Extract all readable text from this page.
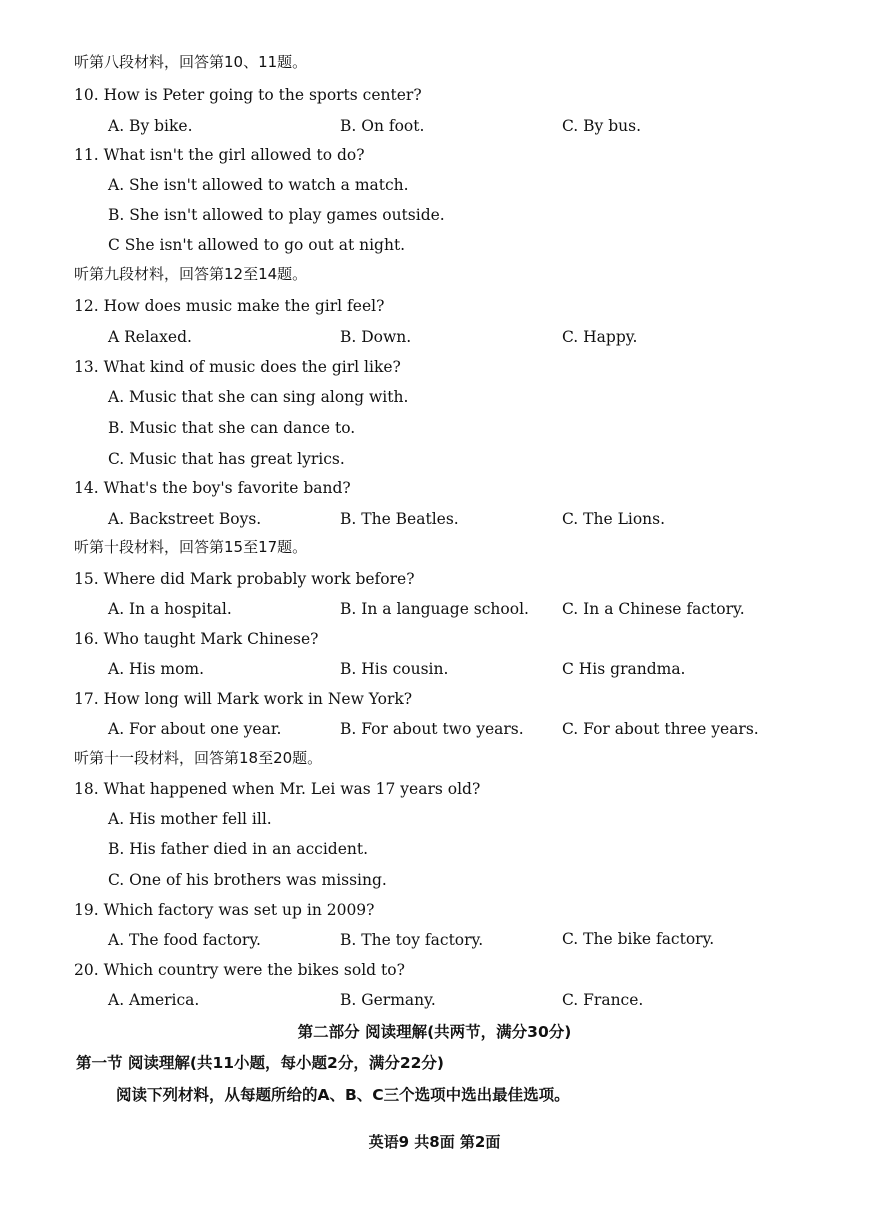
听第八段材料，回答第10、11题。
10. How is Peter going to the sports center?
A. By bike.	B. On foot.	C. By bus.
11. What isn't the girl allowed to do?
A. She isn't allowed to watch a match.
B. She isn't allowed to play games outside.
C She isn't allowed to go out at night.
听第九段材料，回答第12至14题。
12. How does music make the girl feel?
A Relaxed.	B. Down.	C. Happy.
13. What kind of music does the girl like?
A. Music that she can sing along with.
B. Music that she can dance to.
C. Music that has great lyrics.
14. What's the boy's favorite band?
A. Backstreet Boys.	B. The Beatles.	C. The Lions.
听第十段材料，回答第15至17题。
15. Where did Mark probably work before?
A. In a hospital.	B. In a language school. C. In a Chinese factory.
16. Who taught Mark Chinese?
A. His mom.	B. His cousin.	C His grandma.
17. How long will Mark work in New York?
A. For about one year.	B. For about two years. C. For about three years.
听第十一段材料，回答第18至20题。
18. What happened when Mr. Lei was 17 years old?
A. His mother fell ill.
B. His father died in an accident.
C. One of his brothers was missing.
19. Which factory was set up in 2009?
A. The food factory.	B. The toy factory.	C. The bike factory.
20. Which country were the bikes sold to?
A. America.	B. Germany.	C. France.
第二部分 阅读理解(共两节，满分30分)
第一节 阅读理解(共11小题，每小题2分，满分22分)
阅读下列材料，从每题所给的A、B、C三个选项中选出最佳选项。
英语9 共8面 第2面
